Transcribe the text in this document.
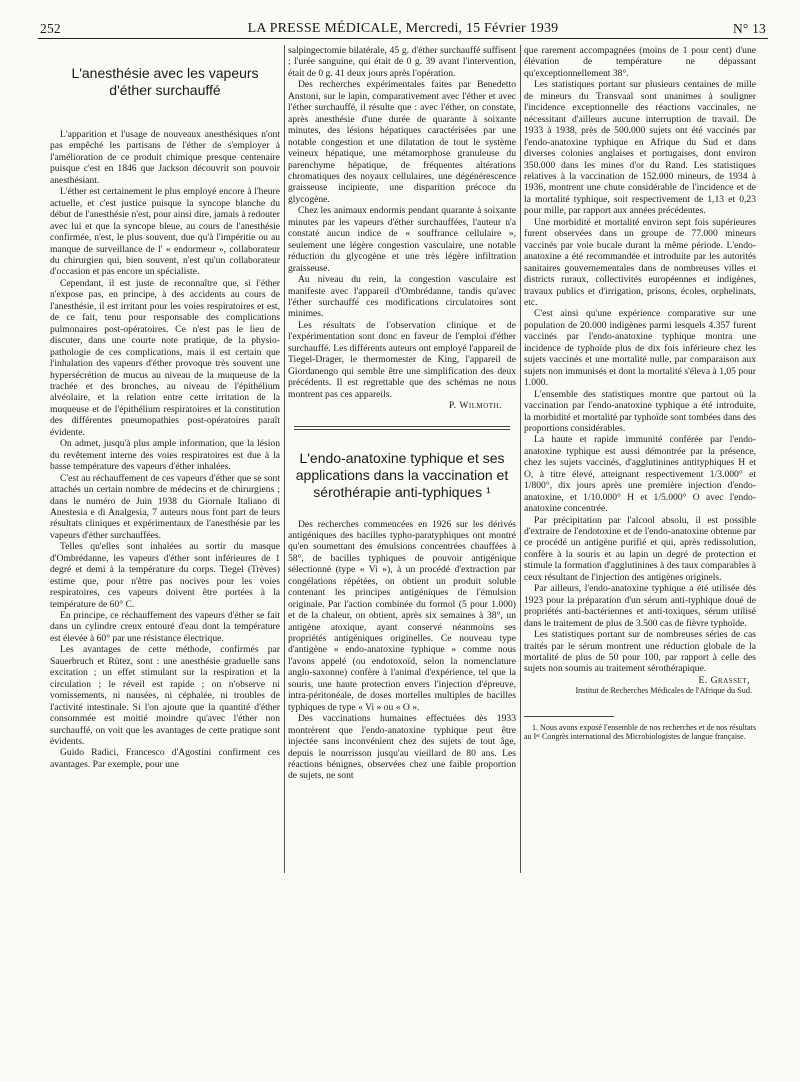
252	LA PRESSE MÉDICALE, Mercredi, 15 Février 1939	N° 13
L'anesthésie avec les vapeurs d'éther surchauffé

L'apparition et l'usage de nouveaux anesthésiques n'ont pas empêché les partisans de l'éther de s'employer à l'amélioration de ce produit chimique presque centenaire puisque c'est en 1846 que Jackson découvrit son pouvoir anesthésiant.

L'éther est certainement le plus employé encore à l'heure actuelle, et c'est justice puisque la syncope blanche du début de l'anesthésie n'est, pour ainsi dire, jamais à redouter avec lui et que la syncope bleue, au cours de l'anesthésie confirmée, n'est, le plus souvent, due qu'à l'impéritie ou au manque de surveillance de l' « endormeur », collaborateur du chirurgien qui, bien souvent, n'est qu'un collaborateur d'occasion et pas encore un spécialiste.

Cependant, il est juste de reconnaître que, si l'éther n'expose pas, en principe, à des accidents au cours de l'anesthésie, il est irritant pour les voies respiratoires et est, de ce fait, tenu pour responsable des complications pulmonaires post-opératoires. Ce n'est pas le lieu de discuter, dans une courte note pratique, de la physio-pathologie de ces complications, mais il est certain que l'inhalation des vapeurs d'éther provoque très souvent une hypersécrétion de mucus au niveau de la muqueuse de la trachée et des bronches, au niveau de l'épithélium alvéolaire, et la relation entre cette irritation de la muqueuse et de l'épithélium respiratoires et la constitution des différentes pneumopathies post-opératoires paraît évidente.

On admet, jusqu'à plus ample information, que la lésion du revêtement interne des voies respiratoires est due à la basse température des vapeurs d'éther inhalées.

C'est au réchauffement de ces vapeurs d'éther que se sont attachés un certain nombre de médecins et de chirurgiens ; dans le numéro de Juin 1938 du Giornale Italiano di Anestesia e di Analgesia, 7 auteurs nous font part de leurs résultats cliniques et expérimentaux de l'anesthésie par les vapeurs d'éther surchauffées.

Telles qu'elles sont inhalées au sortir du masque d'Ombrédanne, les vapeurs d'éther sont inférieures de 1 degré et demi à la température du corps. Tiegel (Trèves) estime que, pour n'être pas nocives pour les voies respiratoires, ces vapeurs doivent être portées à la température de 60° C.

En principe, ce réchauffement des vapeurs d'éther se fait dans un cylindre creux entouré d'eau dont la température est élevée à 60° par une résistance électrique.

Les avantages de cette méthode, confirmés par Sauerbruch et Rütez, sont : une anesthésie graduelle sans excitation ; un effet stimulant sur la respiration et la circulation ; le réveil est rapide ; on n'observe ni vomissements, ni nausées, ni céphalée, ni troubles de l'activité intestinale. Si l'on ajoute que la quantité d'éther consommée est moitié moindre qu'avec l'éther non surchauffé, on voit que les avantages de cette pratique sont évidents.

Guido Radici, Francesco d'Agostini confirment ces avantages. Par exemple, pour une

salpingectomie bilatérale, 45 g. d'éther surchauffé suffisent ; l'urée sanguine, qui était de 0 g. 39 avant l'intervention, était de 0 g. 41 deux jours après l'opération.

Des recherches expérimentales faites par Benedetto Anstoni, sur le lapin, comparativement avec l'éther et avec l'éther surchauffé, il résulte que : avec l'éther, on constate, après anesthésie d'une durée de quarante à soixante minutes, des lésions hépatiques caractérisées par une notable congestion et une dilatation de tout le système veineux hépatique, une métamorphose granuleuse du parenchyme hépatique, de fréquentes altérations chromatiques des noyaux cellulaires, une dégénérescence graisseuse incipiente, une disparition précoce du glycogène.

Chez les animaux endormis pendant quarante à soixante minutes par les vapeurs d'éther surchauffées, l'auteur n'a constaté aucun indice de « souffrance cellulaire », seulement une légère congestion vasculaire, une notable réduction du glycogène et une très légère infiltration graisseuse.

Au niveau du rein, la congestion vasculaire est manifeste avec l'appareil d'Ombrédanne, tandis qu'avec l'éther surchauffé ces modifications circulatoires sont minimes.

Les résultats de l'observation clinique et de l'expérimentation sont donc en faveur de l'emploi d'éther surchauffé. Les différents auteurs ont employé l'appareil de Tiegel-Drager, le thermomester de King, l'appareil de Giordanengo qui semble être une simplification des deux précédents. Il est regrettable que des schémas ne nous montrent pas ces appareils.

P. Wilmoth.

L'endo-anatoxine typhique et ses applications dans la vaccination et sérothérapie anti-typhiques ¹

Des recherches commencées en 1926 sur les dérivés antigéniques des bacilles typho-paratyphiques ont montré qu'en soumettant des émulsions concentrées chauffées à 58°, de bacilles typhiques de pouvoir antigénique sélectionné (type « Vi »), à un procédé d'extraction par congélations répétées, on obtient un produit soluble contenant les principes antigéniques de l'émulsion originale. Par l'action combinée du formol (5 pour 1.000) et de la chaleur, on obtient, après six semaines à 38°, un antigène atoxique, ayant conservé néanmoins ses propriétés antigéniques originelles. Ce nouveau type d'antigène « endo-anatoxine typhique » comme nous l'avons appelé (ou endotoxoïd, selon la nomenclature anglo-saxonne) confère à l'animal d'expérience, tel que la souris, une haute protection envers l'injection d'épreuve, intra-péritonéale, de doses mortelles multiples de bacilles typhiques de type « Vi » ou « O ».

Des vaccinations humaines effectuées dès 1933 montrèrent que l'endo-anatoxine typhique peut être injectée sans inconvénient chez des sujets de tout âge, depuis le nourrisson jusqu'au vieillard de 80 ans. Les réactions bénignes, observées chez une faible proportion de sujets, ne sont

que rarement accompagnées (moins de 1 pour cent) d'une élévation de température ne dépassant qu'exceptionnellement 38°.

Les statistiques portant sur plusieurs centaines de mille de mineurs du Transvaal sont unanimes à souligner l'incidence exceptionnelle des réactions vaccinales, ne nécessitant d'ailleurs aucune interruption de travail. De 1933 à 1938, près de 500.000 sujets ont été vaccinés par l'endo-anatoxine typhique en Afrique du Sud et dans diverses colonies anglaises et portugaises, dont environ 350.000 dans les mines d'or du Rand. Les statistiques relatives à la vaccination de 152.000 mineurs, de 1934 à 1936, montrent une chute considérable de l'incidence et de la mortalité typhique, soit respectivement de 1,13 et 0,23 pour mille, par rapport aux années précédentes.

Une morbidité et mortalité environ sept fois supérieures furent observées dans un groupe de 77.000 mineurs vaccinés par voie bucale durant la même période. L'endo-anatoxine a été recommandée et introduite par les autorités sanitaires gouvernementales dans de nombreuses villes et districts ruraux, collectivités européennes et indigènes, travaux publics et d'irrigation, prisons, écoles, orphelinats, etc.

C'est ainsi qu'une expérience comparative sur une population de 20.000 indigènes parmi lesquels 4.357 furent vaccinés par l'endo-anatoxine typhique montra une incidence de typhoïde plus de dix fois inférieure chez les sujets vaccinés et une mortalité nulle, par comparaison aux sujets non immunisés et dont la mortalité s'éleva à 1,05 pour 1.000.

L'ensemble des statistiques montre que partout où la vaccination par l'endo-anatoxine typhique a été introduite, la morbidité et mortalité par typhoïde sont tombées dans des proportions considérables.

La haute et rapide immunité conférée par l'endo-anatoxine typhique est aussi démontrée par la présence, chez les sujets vaccinés, d'agglutinines antityphiques H et O, à titre élevé, atteignant respectivement 1/3.000° et 1/800°, dix jours après une première injection d'endo-anatoxine, et 1/10.000° H et 1/5.000° O avec l'endo-anatoxine concentrée.

Par précipitation par l'alcool absolu, il est possible d'extraire de l'endotoxine et de l'endo-anatoxine obtenue par ce procédé un antigène purifié et qui, après redissolution, confère à la souris et au lapin un degré de protection et stimule la formation d'agglutinines à des taux comparables à ceux résultant de l'injection des antigènes originels.

Par ailleurs, l'endo-anatoxine typhique a été utilisée dès 1923 pour la préparation d'un sérum anti-typhique doué de propriétés anti-bactériennes et anti-toxiques, sérum utilisé dans le traitement de plus de 3.500 cas de fièvre typhoïde.

Les statistiques portant sur de nombreuses séries de cas traités par le sérum montrent une réduction globale de la mortalité de plus de 50 pour 100, par rapport à celle des sujets non soumis au traitement sérothérapique.

E. Grasset,

Institut de Recherches Médicales de l'Afrique du Sud.
1. Nous avons exposé l'ensemble de nos recherches et de nos résultats au Iᵉʳ Congrès international des Microbiologistes de langue française.
